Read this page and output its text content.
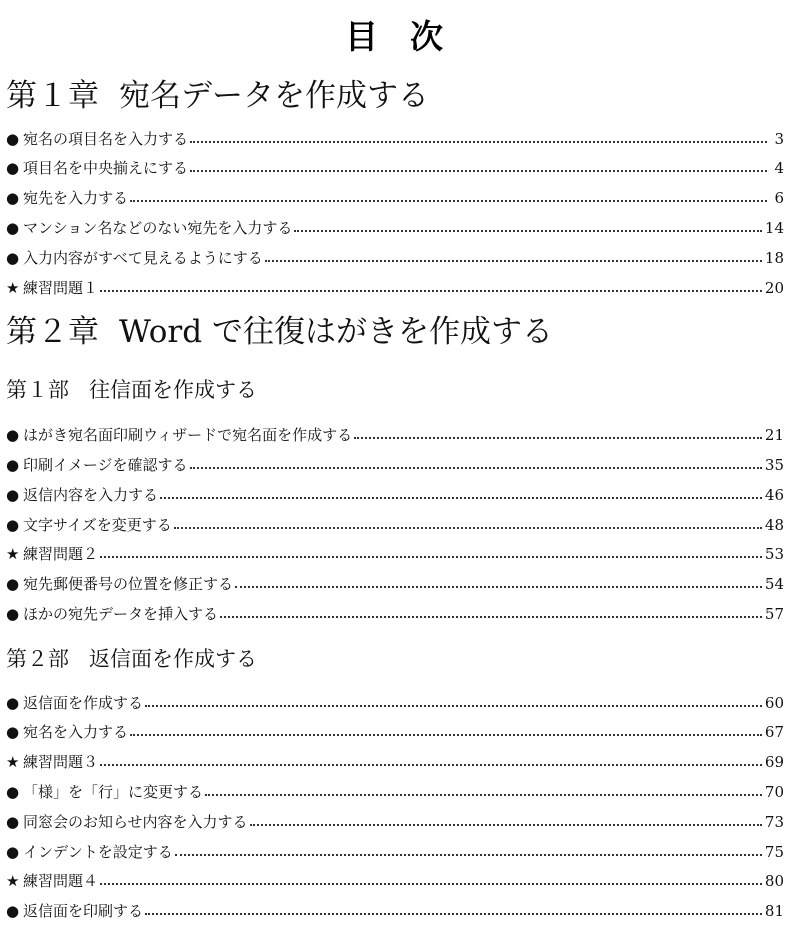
目 次
第１章 宛名データを作成する
● 宛名の項目名を入力する	3
● 項目名を中央揃えにする	4
● 宛先を入力する	6
● マンション名などのない宛先を入力する	14
● 入力内容がすべて見えるようにする	18
★ 練習問題１	20
第２章 Word で往復はがきを作成する
第１部 往信面を作成する
● はがき宛名面印刷ウィザードで宛名面を作成する	21
● 印刷イメージを確認する	35
● 返信内容を入力する	46
● 文字サイズを変更する	48
★ 練習問題２	53
● 宛先郵便番号の位置を修正する	54
● ほかの宛先データを挿入する	57
第２部 返信面を作成する
● 返信面を作成する	60
● 宛名を入力する	67
★ 練習問題３	69
● 「様」を「行」に変更する	70
● 同窓会のお知らせ内容を入力する	73
● インデントを設定する	75
★ 練習問題４	80
● 返信面を印刷する	81
